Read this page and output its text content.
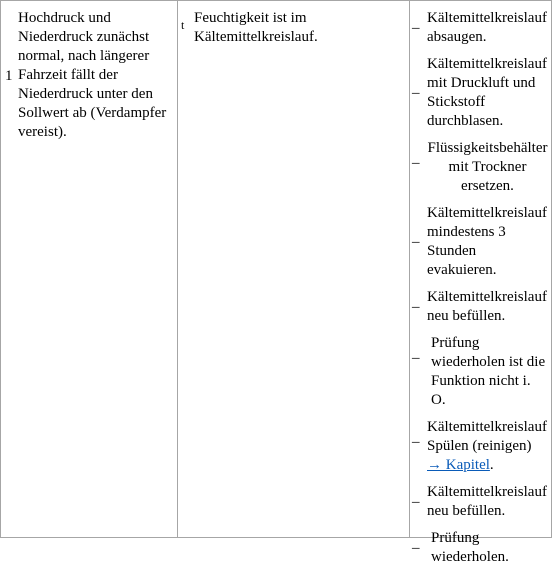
1
Hochdruck und Niederdruck zunächst normal, nach längerer Fahrzeit fällt der Niederdruck unter den Sollwert ab (Verdampfer vereist).
t Feuchtigkeit ist im Kältemittelkreislauf.
–
Kältemittelkreislauf absaugen.
–
Kältemittelkreislauf mit Druckluft und Stickstoff durchblasen.
_
Flüssigkeitsbehälter mit Trockner ersetzen.
–
Kältemittelkreislauf mindestens 3 Stunden evakuieren.
–
Kältemittelkreislauf neu befüllen.
_
Prüfung wiederholen ist die Funktion nicht i. O.
_
Kältemittelkreislauf Spülen (reinigen)
→ Kapitel.
–
Kältemittelkreislauf neu befüllen.
–
Prüfung wiederholen.
